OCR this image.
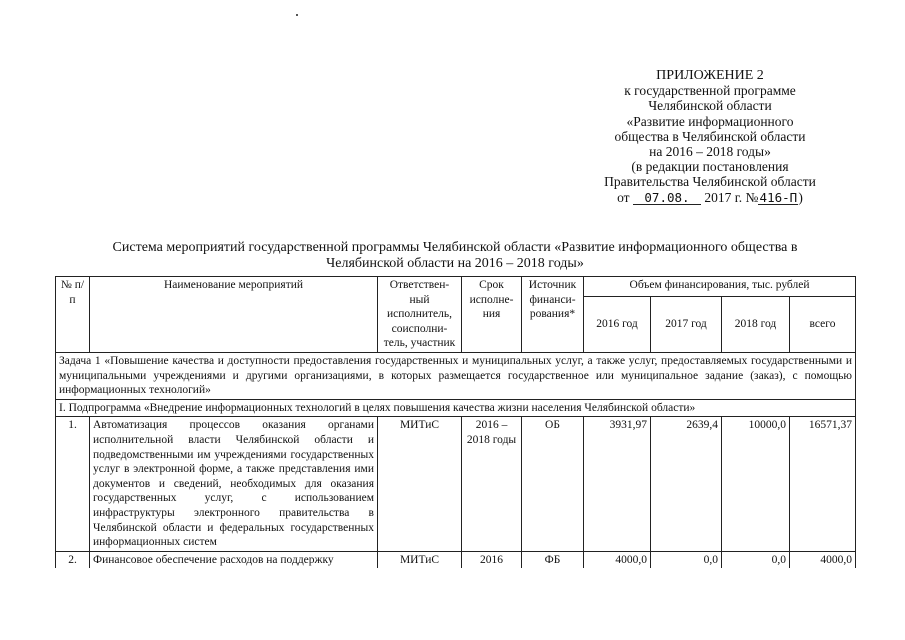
ПРИЛОЖЕНИЕ 2
к государственной программе
Челябинской области
«Развитие информационного
общества в Челябинской области
на 2016 – 2018 годы»
(в редакции постановления
Правительства Челябинской области
от 07.08. 2017 г. №416-П)
Система мероприятий государственной программы Челябинской области «Развитие информационного общества в
Челябинской области на 2016 – 2018 годы»
№ п/п	Наименование мероприятий	Ответствен-ный исполнитель, соисполни-тель, участник	Срок исполне-ния	Источник финанси-рования*	Объем финансирования, тыс. рублей			
					2016 год	2017 год	2018 год	всего
Задача 1 «Повышение качества и доступности предоставления государственных и муниципальных услуг, а также услуг, предоставляемых государственными и муниципальными учреждениями и другими организациями, в которых размещается государственное или муниципальное задание (заказ), с помощью информационных технологий»								
I. Подпрограмма «Внедрение информационных технологий в целях повышения качества жизни населения Челябинской области»								
1.	Автоматизация процессов оказания органами исполнительной власти Челябинской области и подведомственными им учреждениями государственных услуг в электронной форме, а также представления ими документов и сведений, необходимых для оказания государственных услуг, с использованием инфраструктуры электронного правительства в Челябинской области и федеральных государственных информационных систем	МИТиС	2016 – 2018 годы	ОБ	3931,97	2639,4	10000,0	16571,37
2.	Финансовое обеспечение расходов на поддержку	МИТиС	2016	ФБ	4000,0	0,0	0,0	4000,0
